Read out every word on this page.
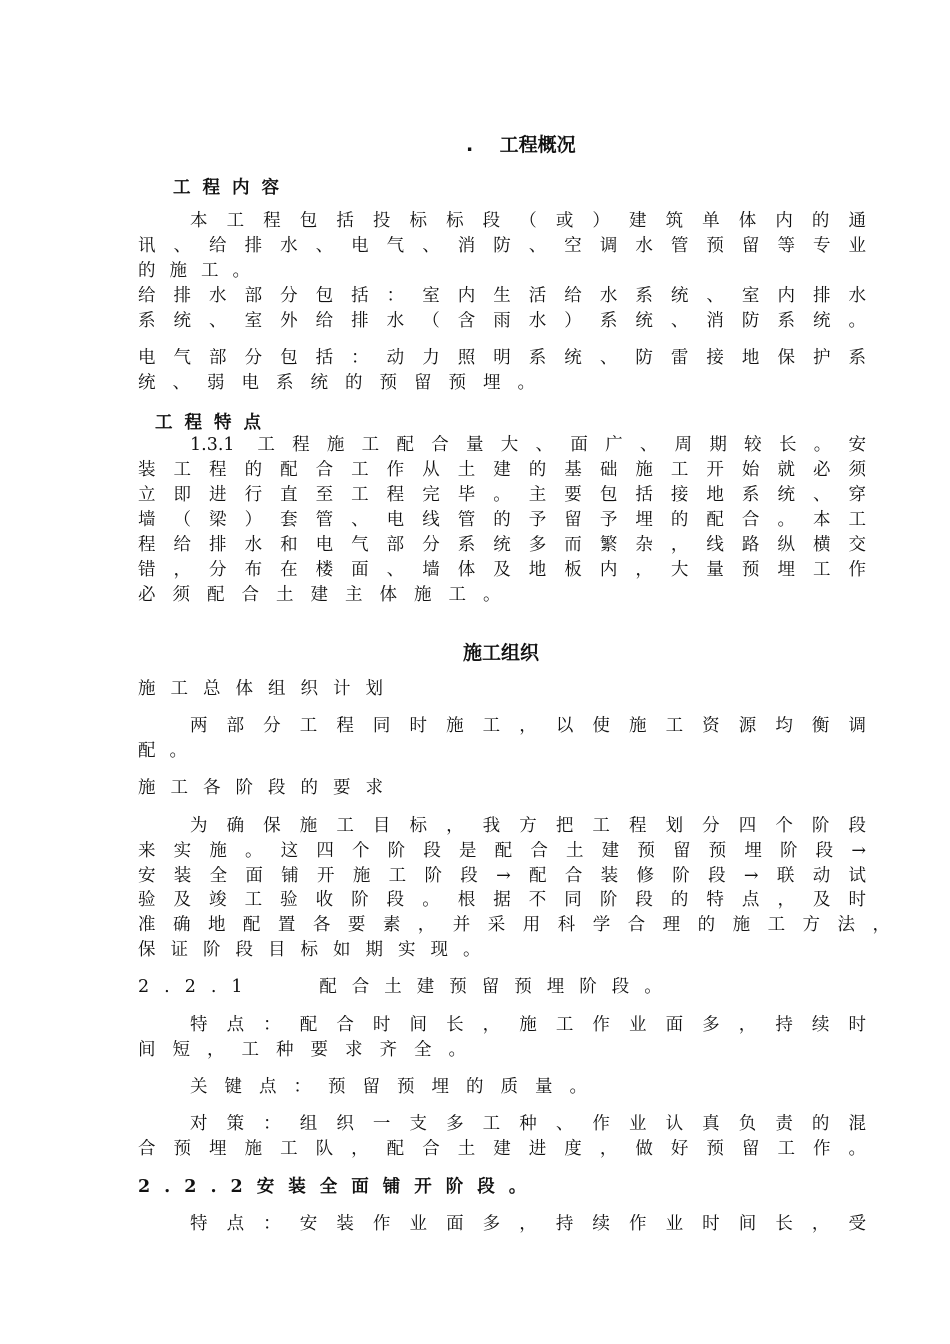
.    工程概况
工程内容
本工程包括投标标段（或）建筑单体内的通
讯、给排水、电气、消防、空调水管预留等专业
的施工。
给排水部分包括：室内生活给水系统、室内排水
系统、室外给排水（含雨水）系统、消防系统。
电气部分包括：动力照明系统、防雷接地保护系
统、弱电系统的预留预埋。
工程特点
1.3.1 工程施工配合量大、面广、周期较长。安
装工程的配合工作从土建的基础施工开始就必须
立即进行直至工程完毕。主要包括接地系统、穿
墙（梁）套管、电线管的予留予埋的配合。本工
程给排水和电气部分系统多而繁杂，线路纵横交
错，分布在楼面、墙体及地板内，大量预埋工作
必须配合土建主体施工。
施工组织
施工总体组织计划
两部分工程同时施工，以使施工资源均衡调
配。
施工各阶段的要求
为确保施工目标，我方把工程划分四个阶段
来实施。这四个阶段是配合土建预留预埋阶段→
安装全面铺开施工阶段→配合装修阶段→联动试
验及竣工验收阶段。根据不同阶段的特点，及时
准确地配置各要素，并采用科学合理的施工方法，
保证阶段目标如期实现。
2.2.1   配合土建预留预埋阶段。
特点：配合时间长，施工作业面多，持续时
间短，工种要求齐全。
关键点：预留预埋的质量。
对策：组织一支多工种、作业认真负责的混
合预埋施工队，配合土建进度，做好预留工作。
2.2.2安装全面铺开阶段。
特点：安装作业面多，持续作业时间长，受
